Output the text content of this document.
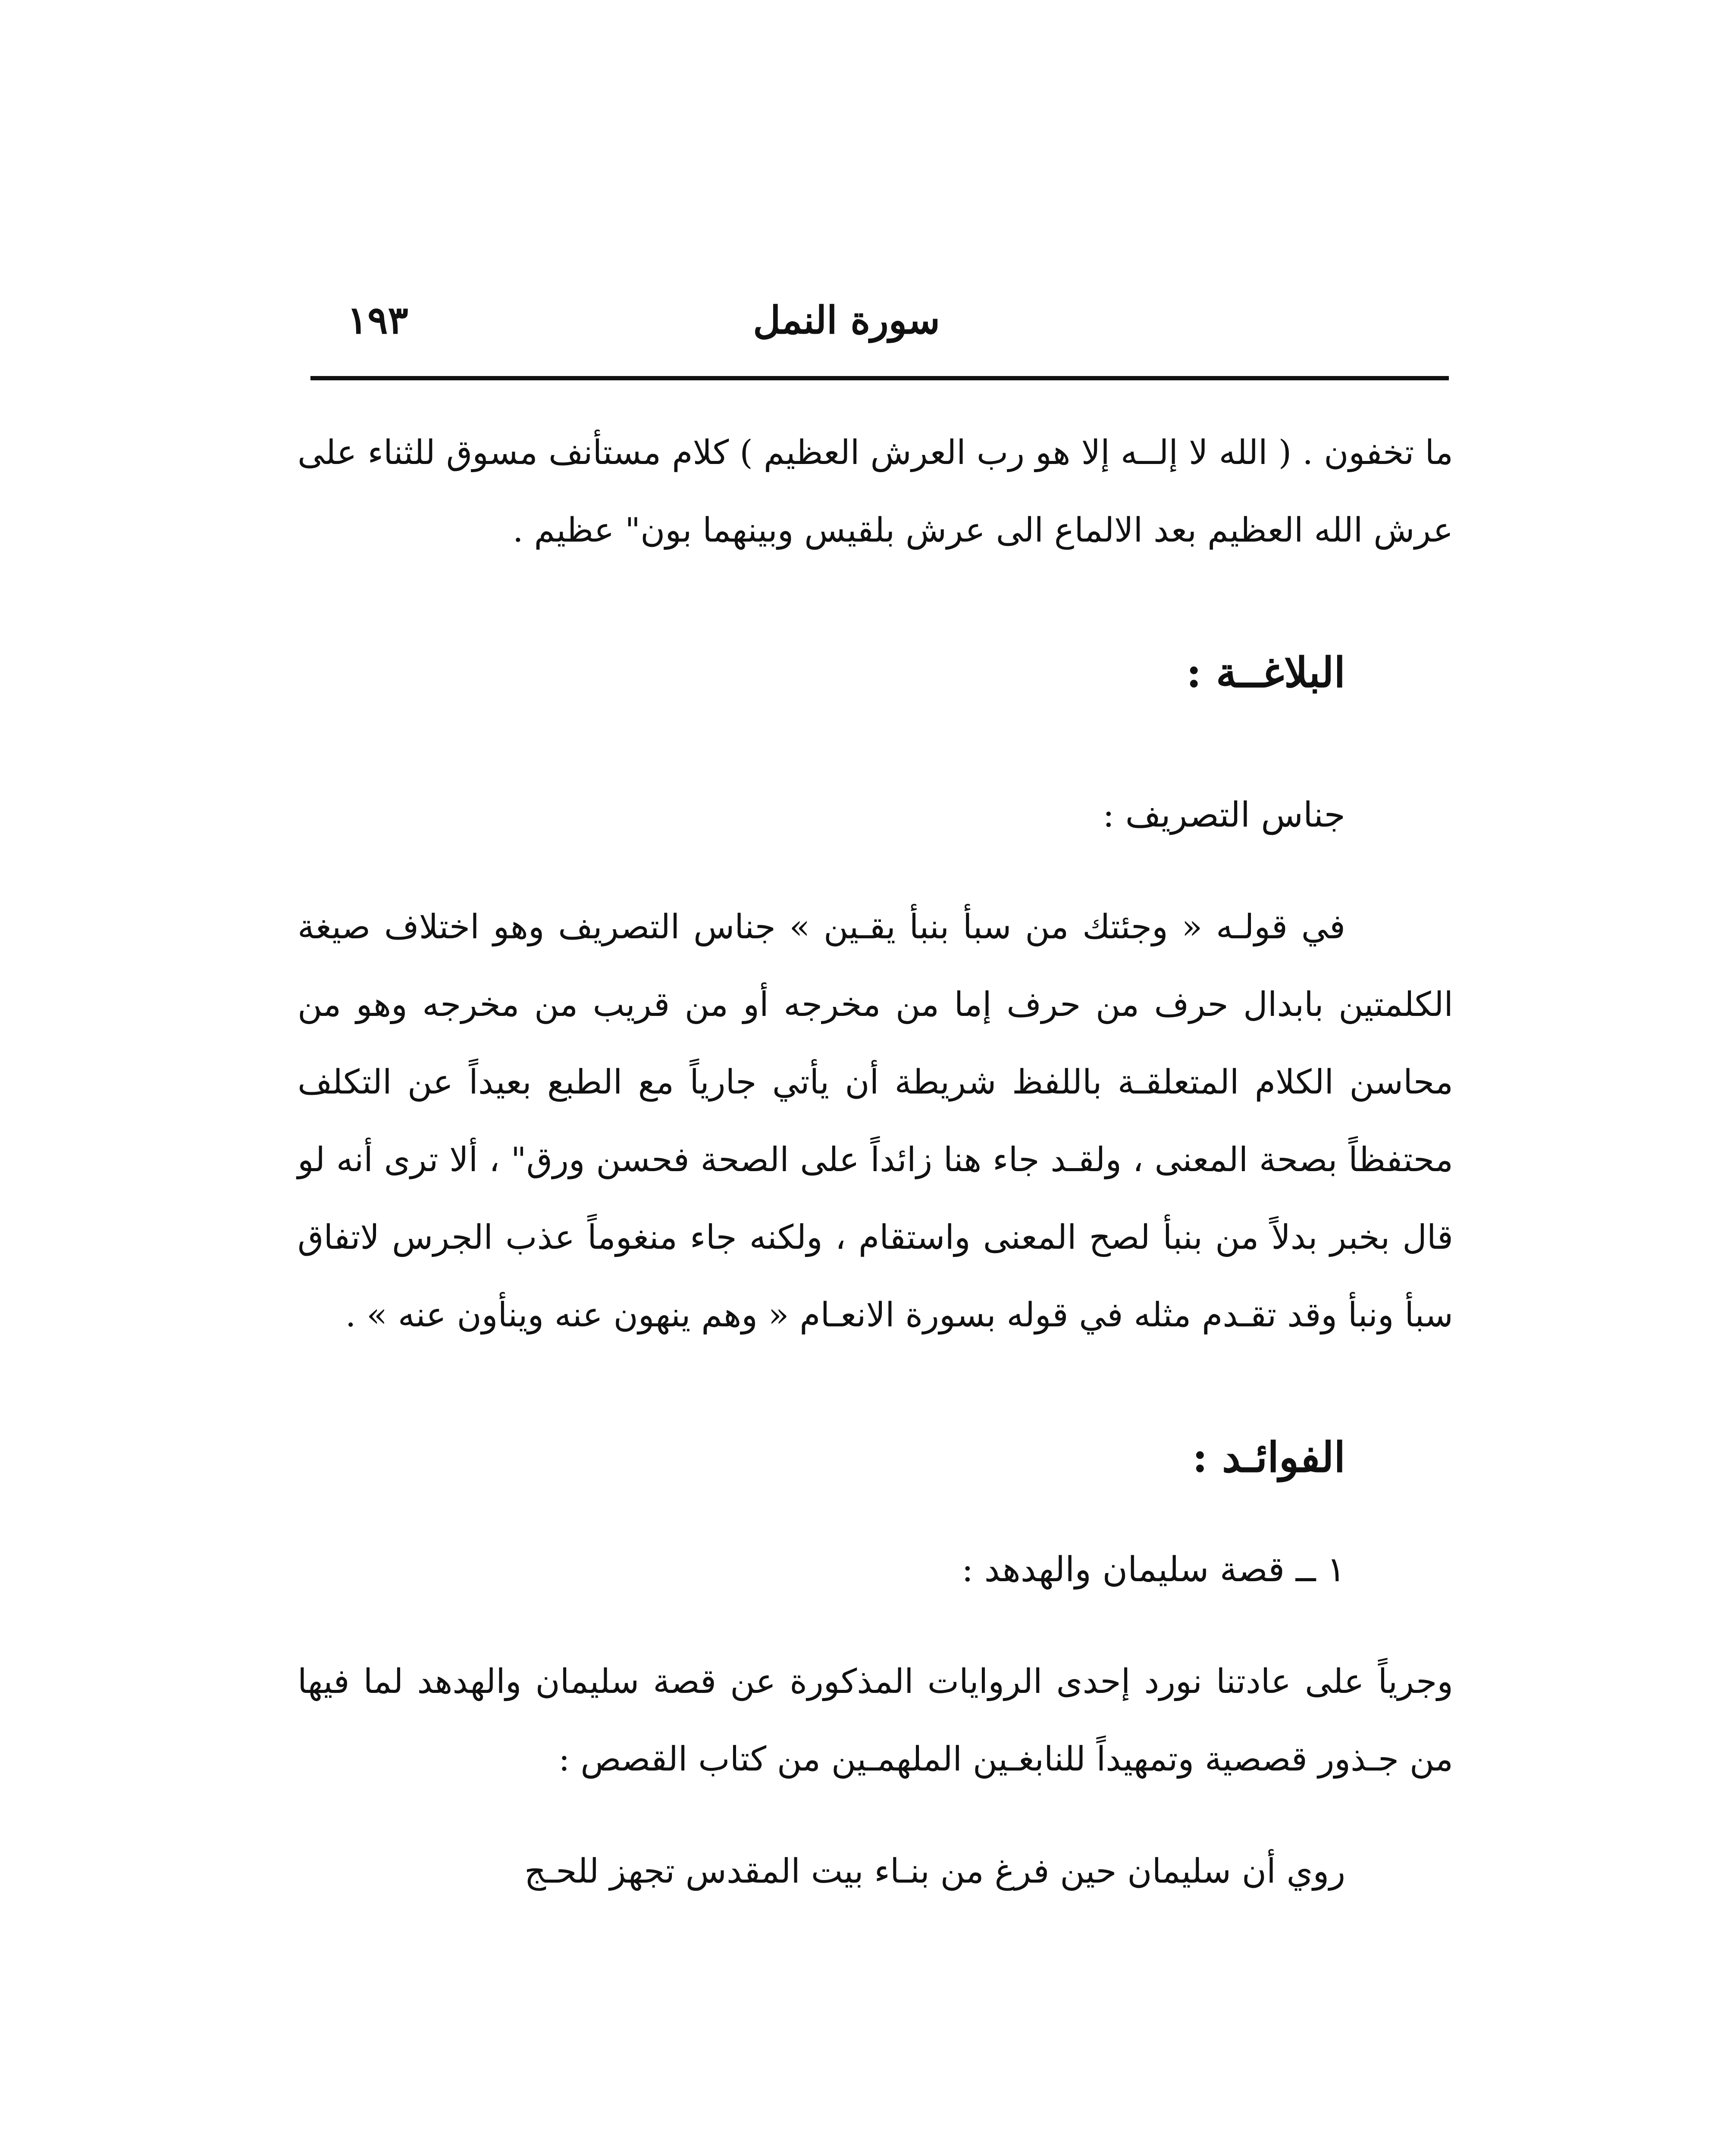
١٩٣	سورة النمل

ما تخفون . ( الله لا إلــه إلا هو رب العرش العظيم ) كلام مستأنف مسوق للثناء على عرش الله العظيم بعد الالماع الى عرش بلقيس وبينهما بون" عظيم .

البلاغــة :

جناس التصريف :

في قولـه « وجئتك من سبأ بنبأ يقـين » جناس التصريف وهو اختلاف صيغة الكلمتين بابدال حرف من حرف إما من مخرجه أو من قريب من مخرجه وهو من محاسن الكلام المتعلقـة باللفظ شريطة أن يأتي جارياً مع الطبع بعيداً عن التكلف محتفظاً بصحة المعنى ، ولقـد جاء هنا زائداً على الصحة فحسن ورق" ، ألا ترى أنه لو قال بخبر بدلاً من بنبأ لصح المعنى واستقام ، ولكنه جاء منغوماً عذب الجرس لاتفاق سبأ ونبأ وقد تقـدم مثله في قوله بسورة الانعـام « وهم ينهون عنه وينأون عنه » .

الفوائـد :

١ ــ قصة سليمان والهدهد :

وجرياً على عادتنا نورد إحدى الروايات المذكورة عن قصة سليمان والهدهد لما فيها من جـذور قصصية وتمهيداً للنابغـين الملهمـين من كتاب القصص :

روي أن سليمان حين فرغ من بنـاء بيت المقدس تجهز للحـج
